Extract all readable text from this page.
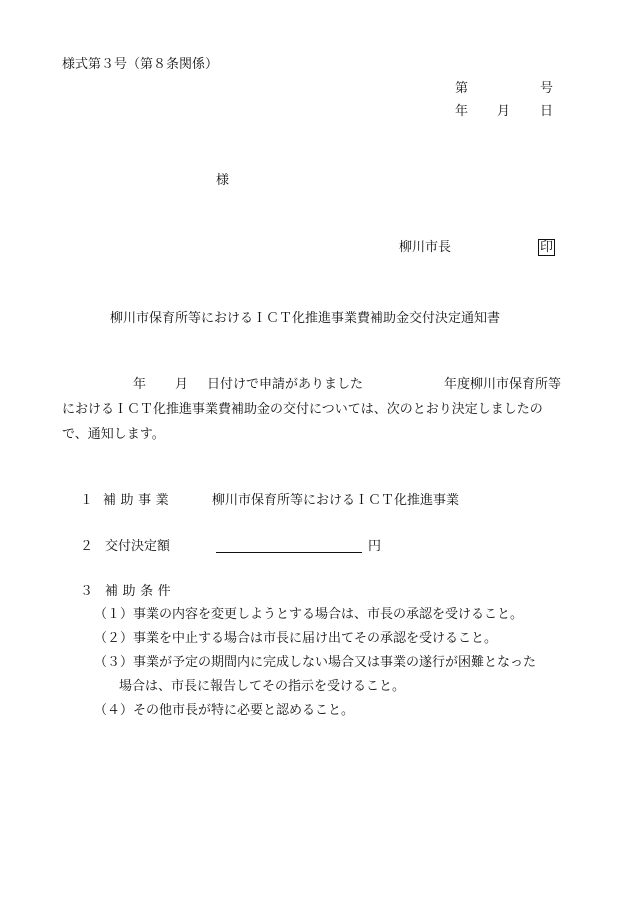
様式第３号（第８条関係）
第	号
年 月 日
様
柳川市長	印
柳川市保育所等におけるＩＣＴ化推進事業費補助金交付決定通知書
年 月 日付けで申請がありました	年度柳川市保育所等
におけるＩＣＴ化推進事業費補助金の交付については、次のとおり決定しましたの
で、通知します。
１ 補助事業	柳川市保育所等におけるＩＣＴ化推進事業
２ 交付決定額	円
３ 補助条件
（１）事業の内容を変更しようとする場合は、市長の承認を受けること。
（２）事業を中止する場合は市長に届け出てその承認を受けること。
（３）事業が予定の期間内に完成しない場合又は事業の遂行が困難となった
場合は、市長に報告してその指示を受けること。
（４）その他市長が特に必要と認めること。
